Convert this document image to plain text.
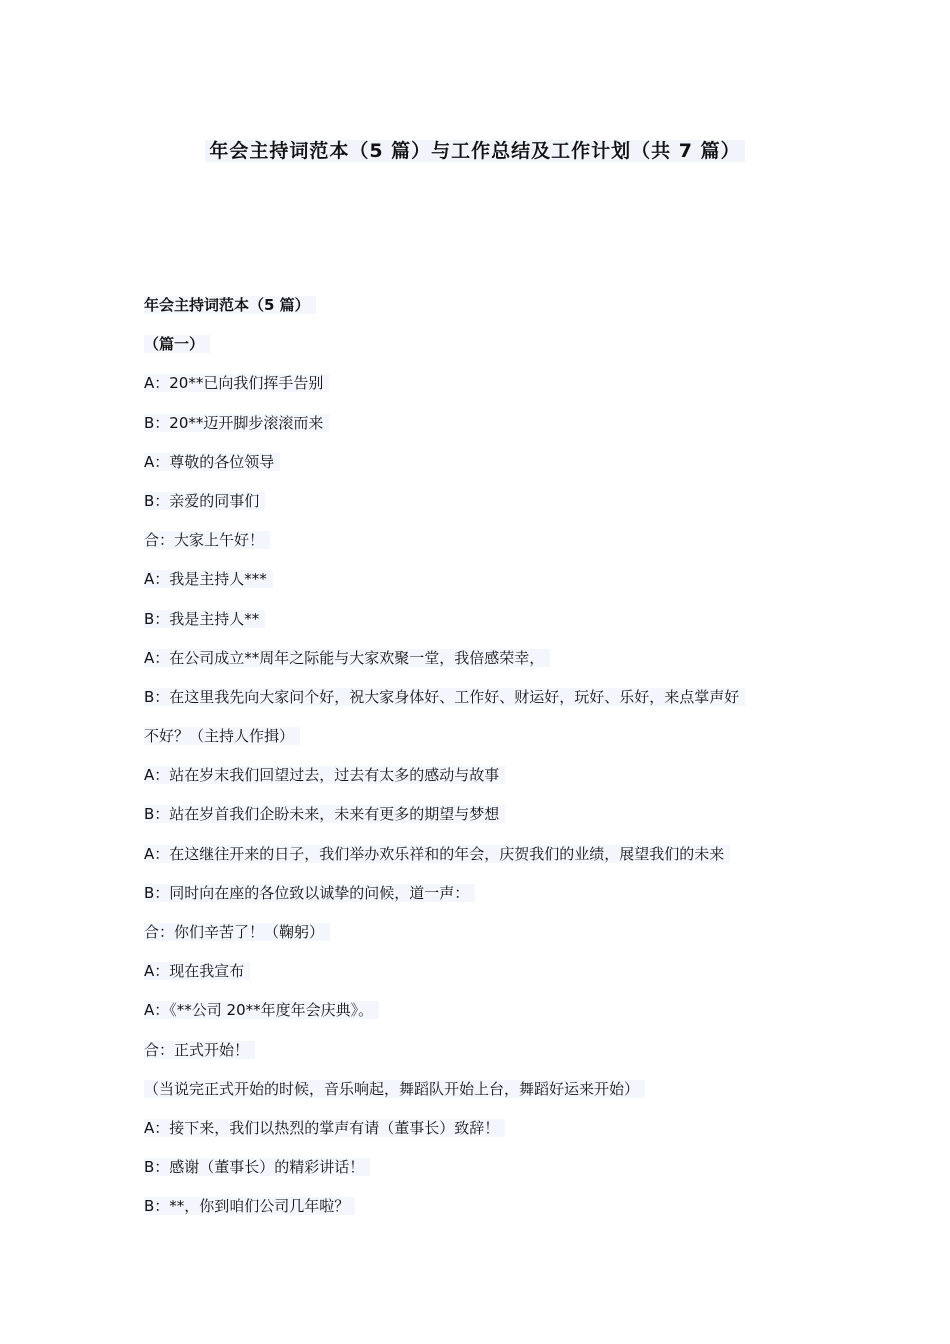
年会主持词范本（5 篇）与工作总结及工作计划（共 7 篇）
年会主持词范本（5 篇）
（篇一）
A：20**已向我们挥手告别
B：20**迈开脚步滚滚而来
A：尊敬的各位领导
B：亲爱的同事们
合：大家上午好！
A：我是主持人***
B：我是主持人**
A：在公司成立**周年之际能与大家欢聚一堂，我倍感荣幸，
B：在这里我先向大家问个好，祝大家身体好、工作好、财运好，玩好、乐好，来点掌声好
不好？（主持人作揖）
A：站在岁末我们回望过去，过去有太多的感动与故事
B：站在岁首我们企盼未来，未来有更多的期望与梦想
A：在这继往开来的日子，我们举办欢乐祥和的年会，庆贺我们的业绩，展望我们的未来
B：同时向在座的各位致以诚挚的问候，道一声：
合：你们辛苦了！（鞠躬）
A：现在我宣布
A：《**公司 20**年度年会庆典》。
合：正式开始！
（当说完正式开始的时候，音乐响起，舞蹈队开始上台，舞蹈好运来开始）
A：接下来，我们以热烈的掌声有请（董事长）致辞！
B：感谢（董事长）的精彩讲话！
B：**，你到咱们公司几年啦？
